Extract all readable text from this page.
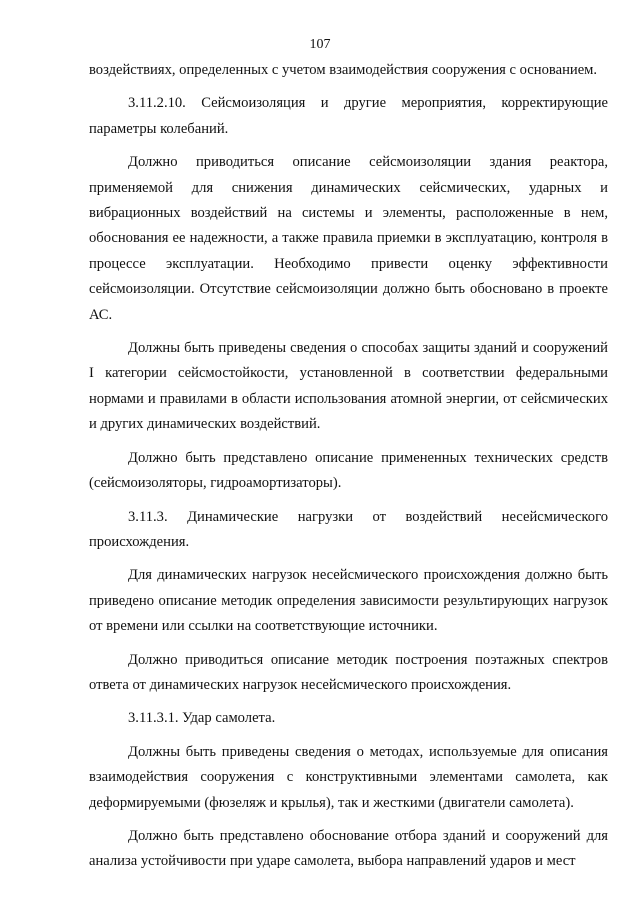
107

воздействиях, определенных с учетом взаимодействия сооружения с основанием.

3.11.2.10. Сейсмоизоляция и другие мероприятия, корректирующие параметры колебаний.

Должно приводиться описание сейсмоизоляции здания реактора, применяемой для снижения динамических сейсмических, ударных и вибрационных воздействий на системы и элементы, расположенные в нем, обоснования ее надежности, а также правила приемки в эксплуатацию, контроля в процессе эксплуатации. Необходимо привести оценку эффективности сейсмоизоляции. Отсутствие сейсмоизоляции должно быть обосновано в проекте АС.

Должны быть приведены сведения о способах защиты зданий и сооружений I категории сейсмостойкости, установленной в соответствии федеральными нормами и правилами в области использования атомной энергии, от сейсмических и других динамических воздействий.

Должно быть представлено описание примененных технических средств (сейсмоизоляторы, гидроамортизаторы).

3.11.3. Динамические нагрузки от воздействий несейсмического происхождения.

Для динамических нагрузок несейсмического происхождения должно быть приведено описание методик определения зависимости результирующих нагрузок от времени или ссылки на соответствующие источники.

Должно приводиться описание методик построения поэтажных спектров ответа от динамических нагрузок несейсмического происхождения.

3.11.3.1. Удар самолета.

Должны быть приведены сведения о методах, используемые для описания взаимодействия сооружения с конструктивными элементами самолета, как деформируемыми (фюзеляж и крылья), так и жесткими (двигатели самолета).

Должно быть представлено обоснование отбора зданий и сооружений для анализа устойчивости при ударе самолета, выбора направлений ударов и мест
